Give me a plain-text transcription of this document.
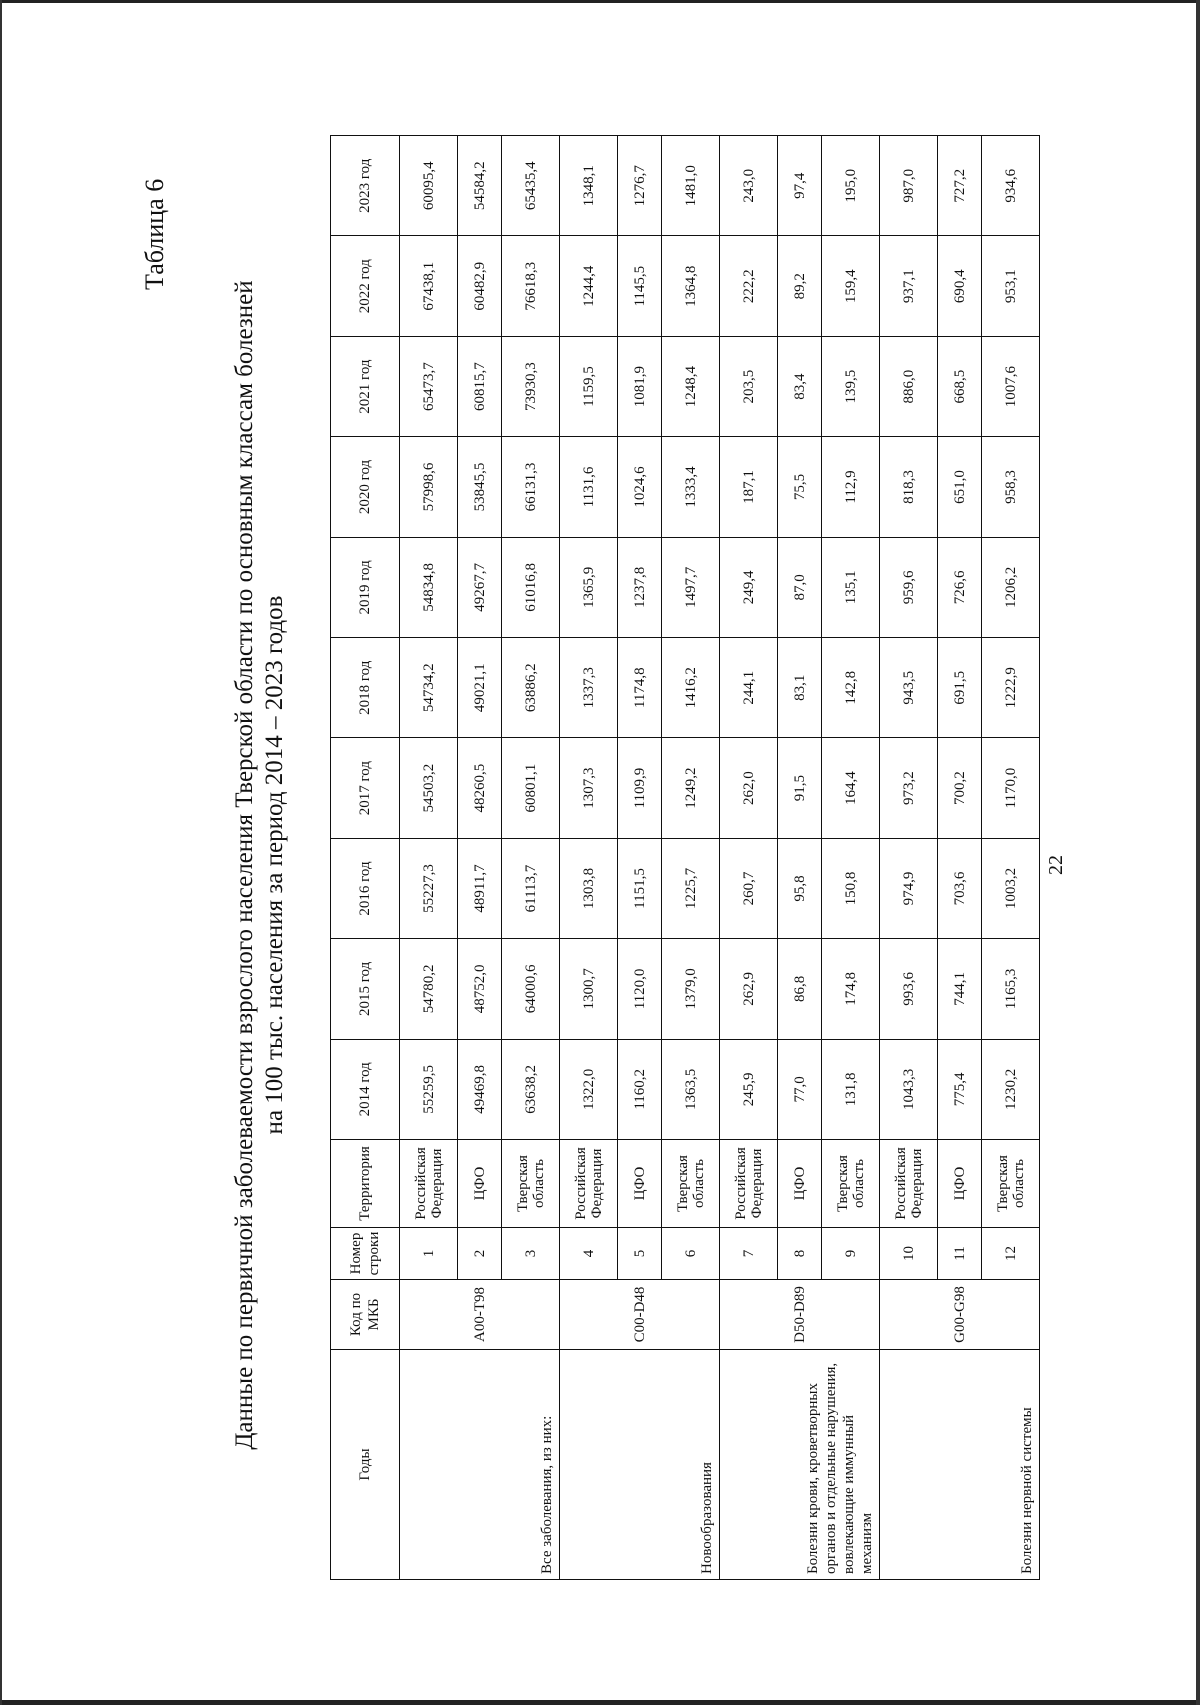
22
Таблица 6
Данные по первичной заболеваемости взрослого населения Тверской области по основным классам болезней на 100 тыс. населения за период 2014 – 2023 годов
Годы	Код по МКБ	Номер строки	Территория	2014 год	2015 год	2016 год	2017 год	2018 год	2019 год	2020 год	2021 год	2022 год	2023 год
Все заболевания, из них:	A00-T98	1	Российская Федерация	55259,5	54780,2	55227,3	54503,2	54734,2	54834,8	57998,6	65473,7	67438,1	60095,4
		2	ЦФО	49469,8	48752,0	48911,7	48260,5	49021,1	49267,7	53845,5	60815,7	60482,9	54584,2
		3	Тверская область	63638,2	64000,6	61113,7	60801,1	63886,2	61016,8	66131,3	73930,3	76618,3	65435,4
Новообразования	C00-D48	4	Российская Федерация	1322,0	1300,7	1303,8	1307,3	1337,3	1365,9	1131,6	1159,5	1244,4	1348,1
		5	ЦФО	1160,2	1120,0	1151,5	1109,9	1174,8	1237,8	1024,6	1081,9	1145,5	1276,7
		6	Тверская область	1363,5	1379,0	1225,7	1249,2	1416,2	1497,7	1333,4	1248,4	1364,8	1481,0
Болезни крови, кроветворных органов и отдельные нарушения, вовлекающие иммунный механизм	D50-D89	7	Российская Федерация	245,9	262,9	260,7	262,0	244,1	249,4	187,1	203,5	222,2	243,0
		8	ЦФО	77,0	86,8	95,8	91,5	83,1	87,0	75,5	83,4	89,2	97,4
		9	Тверская область	131,8	174,8	150,8	164,4	142,8	135,1	112,9	139,5	159,4	195,0
Болезни нервной системы	G00-G98	10	Российская Федерация	1043,3	993,6	974,9	973,2	943,5	959,6	818,3	886,0	937,1	987,0
		11	ЦФО	775,4	744,1	703,6	700,2	691,5	726,6	651,0	668,5	690,4	727,2
		12	Тверская область	1230,2	1165,3	1003,2	1170,0	1222,9	1206,2	958,3	1007,6	953,1	934,6
